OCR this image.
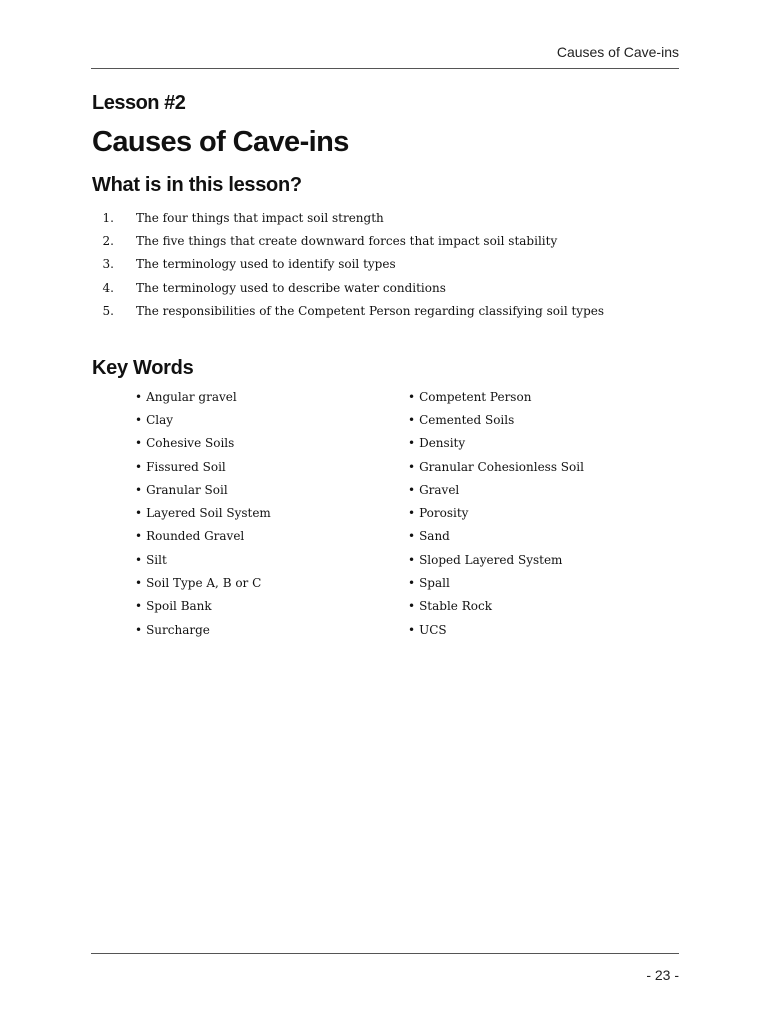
Causes of Cave-ins
Lesson #2
Causes of Cave-ins
What is in this lesson?
1. The four things that impact soil strength
2. The five things that create downward forces that impact soil stability
3. The terminology used to identify soil types
4. The terminology used to describe water conditions
5. The responsibilities of the Competent Person regarding classifying soil types
Key Words
• Angular gravel
• Clay
• Cohesive Soils
• Fissured Soil
• Granular Soil
• Layered Soil System
• Rounded Gravel
• Silt
• Soil Type A, B or C
• Spoil Bank
• Surcharge
• Competent Person
• Cemented Soils
• Density
• Granular Cohesionless Soil
• Gravel
• Porosity
• Sand
• Sloped Layered System
• Spall
• Stable Rock
• UCS
- 23 -
